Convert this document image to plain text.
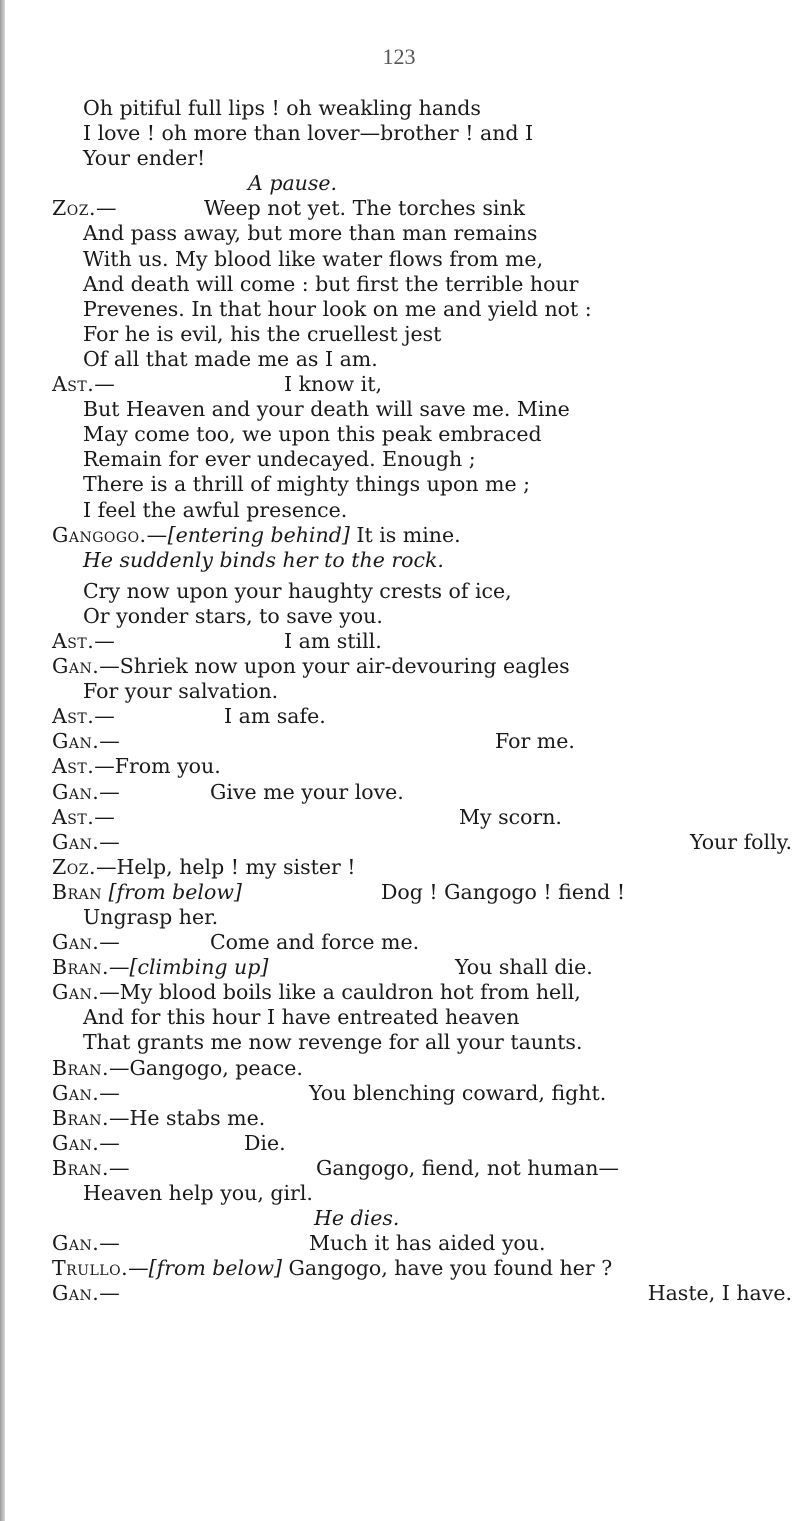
123
Oh pitiful full lips ! oh weakling hands
I love ! oh more than lover—brother ! and I
Your ender!
A pause.
Zoz.—	Weep not yet. The torches sink
And pass away, but more than man remains
With us. My blood like water flows from me,
And death will come : but first the terrible hour
Prevenes. In that hour look on me and yield not :
For he is evil, his the cruellest jest
Of all that made me as I am.
Ast.—	I know it,
But Heaven and your death will save me. Mine
May come too, we upon this peak embraced
Remain for ever undecayed. Enough ;
There is a thrill of mighty things upon me ;
I feel the awful presence.
Gangogo.—[entering behind] It is mine.
He suddenly binds her to the rock.
Cry now upon your haughty crests of ice,
Or yonder stars, to save you.
Ast.—	I am still.
Gan.—Shriek now upon your air-devouring eagles
For your salvation.
Ast.—	I am safe.
Gan.—	For me.
Ast.—From you.
Gan.—	Give me your love.
Ast.—	My scorn.
Gan.—	Your folly.
Zoz.—Help, help ! my sister !
Bran [from below]	Dog ! Gangogo ! fiend !
Ungrasp her.
Gan.—	Come and force me.
Bran.—[climbing up]	You shall die.
Gan.—My blood boils like a cauldron hot from hell,
And for this hour I have entreated heaven
That grants me now revenge for all your taunts.
Bran.—Gangogo, peace.
Gan.—	You blenching coward, fight.
Bran.—He stabs me.
Gan.—	Die.
Bran.—	Gangogo, fiend, not human—
Heaven help you, girl.
He dies.
Gan.—	Much it has aided you.
Trullo.—[from below] Gangogo, have you found her ?
Gan.—	Haste, I have.
